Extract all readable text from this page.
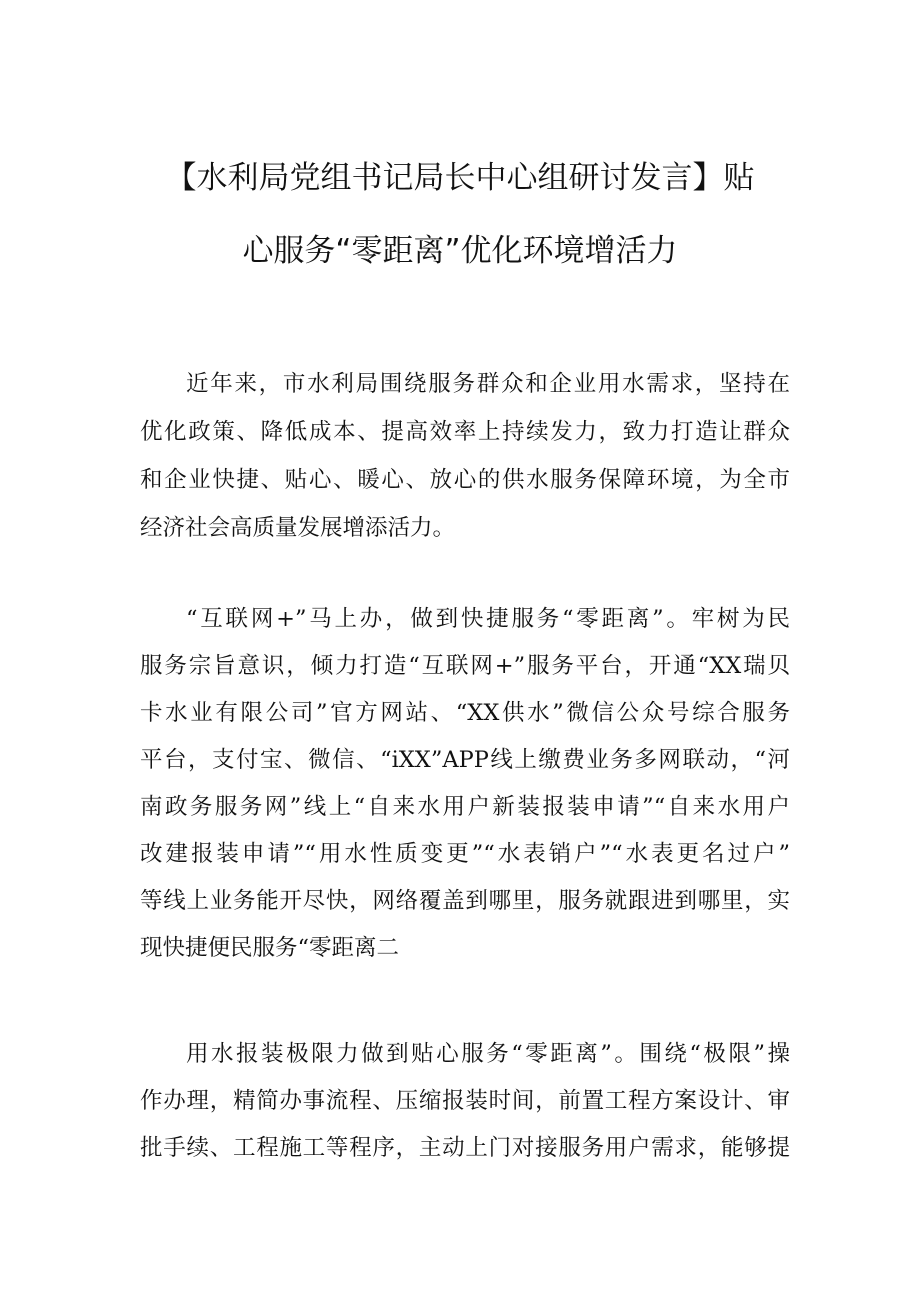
【水利局党组书记局长中心组研讨发言】贴
心服务“零距离”优化环境增活力
近年来，市水利局围绕服务群众和企业用水需求，坚持在
优化政策、降低成本、提高效率上持续发力，致力打造让群众
和企业快捷、贴心、暖心、放心的供水服务保障环境，为全市
经济社会高质量发展增添活力。
“互联网+”马上办，做到快捷服务“零距离”。牢树为民
服务宗旨意识，倾力打造“互联网+”服务平台，开通“XX瑞贝
卡水业有限公司”官方网站、“XX供水”微信公众号综合服务
平台，支付宝、微信、“iXX”APP线上缴费业务多网联动，“河
南政务服务网”线上“自来水用户新装报装申请”“自来水用户
改建报装申请”“用水性质变更”“水表销户”“水表更名过户”
等线上业务能开尽快，网络覆盖到哪里，服务就跟进到哪里，实
现快捷便民服务“零距离二
用水报装极限力做到贴心服务“零距离”。围绕“极限”操
作办理，精简办事流程、压缩报装时间，前置工程方案设计、审
批手续、工程施工等程序，主动上门对接服务用户需求，能够提
